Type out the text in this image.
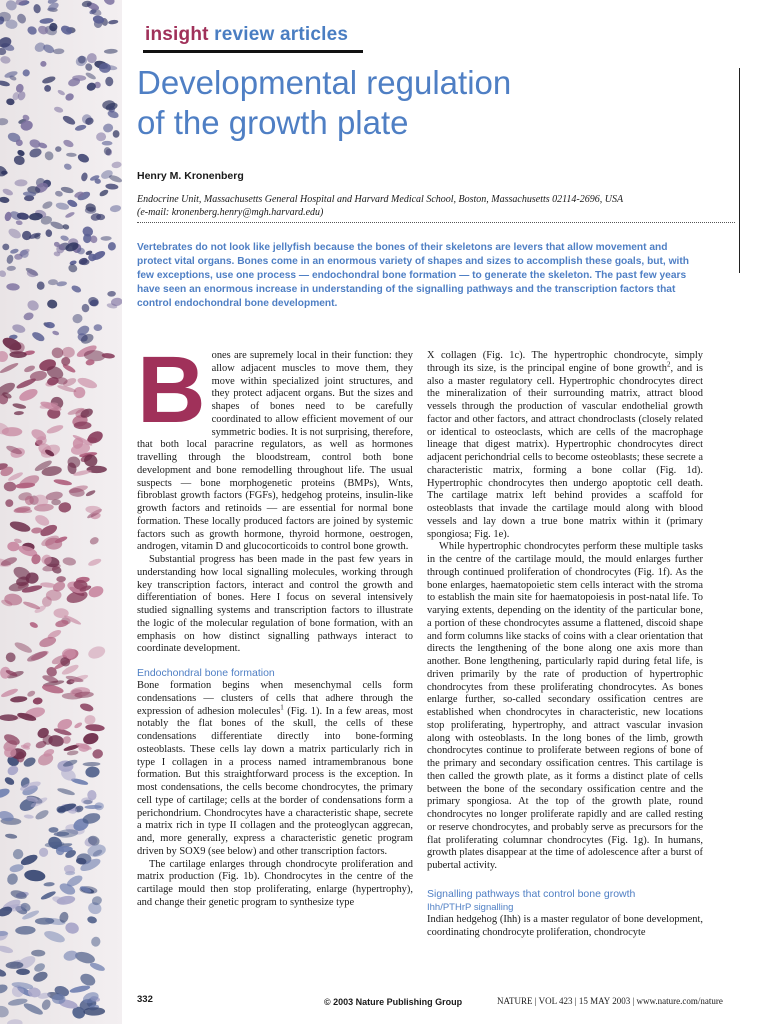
insight review articles
Developmental regulation
of the growth plate
Henry M. Kronenberg
Endocrine Unit, Massachusetts General Hospital and Harvard Medical School, Boston, Massachusetts 02114-2696, USA
(e-mail: kronenberg.henry@mgh.harvard.edu)
Vertebrates do not look like jellyfish because the bones of their skeletons are levers that allow movement and protect vital organs. Bones come in an enormous variety of shapes and sizes to accomplish these goals, but, with few exceptions, use one process — endochondral bone formation — to generate the skeleton. The past few years have seen an enormous increase in understanding of the signalling pathways and the transcription factors that control endochondral bone development.
B ones are supremely local in their function: they allow adjacent muscles to move them, they move within specialized joint structures, and they protect adjacent organs. But the sizes and shapes of bones need to be carefully coordinated to allow efficient movement of our symmetric bodies. It is not surprising, therefore, that both local paracrine regulators, as well as hormones travelling through the bloodstream, control both bone development and bone remodelling throughout life. The usual suspects — bone morphogenetic proteins (BMPs), Wnts, fibroblast growth factors (FGFs), hedgehog proteins, insulin-like growth factors and retinoids — are essential for normal bone formation. These locally produced factors are joined by systemic factors such as growth hormone, thyroid hormone, oestrogen, androgen, vitamin D and glucocorticoids to control bone growth.

Substantial progress has been made in the past few years in understanding how local signalling molecules, working through key transcription factors, interact and control the growth and differentiation of bones. Here I focus on several intensively studied signalling systems and transcription factors to illustrate the logic of the molecular regulation of bone formation, with an emphasis on how distinct signalling pathways interact to coordinate development.

Endochondral bone formation

Bone formation begins when mesenchymal cells form condensations — clusters of cells that adhere through the expression of adhesion molecules$^1$ (Fig. 1). In a few areas, most notably the flat bones of the skull, the cells of these condensations differentiate directly into bone-forming osteoblasts. These cells lay down a matrix particularly rich in type I collagen in a process named intramembranous bone formation. But this straightforward process is the exception. In most condensations, the cells become chondrocytes, the primary cell type of cartilage; cells at the border of condensations form a perichondrium. Chondrocytes have a characteristic shape, secrete a matrix rich in type II collagen and the proteoglycan aggrecan, and, more generally, express a characteristic genetic program driven by SOX9 (see below) and other transcription factors.

The cartilage enlarges through chondrocyte proliferation and matrix production (Fig. 1b). Chondrocytes in the centre of the cartilage mould then stop proliferating, enlarge (hypertrophy), and change their genetic program to synthesize type

X collagen (Fig. 1c). The hypertrophic chondrocyte, simply through its size, is the principal engine of bone growth$^2$, and is also a master regulatory cell. Hypertrophic chondrocytes direct the mineralization of their surrounding matrix, attract blood vessels through the production of vascular endothelial growth factor and other factors, and attract chondroclasts (closely related or identical to osteoclasts, which are cells of the macrophage lineage that digest matrix). Hypertrophic chondrocytes direct adjacent perichondrial cells to become osteoblasts; these secrete a characteristic matrix, forming a bone collar (Fig. 1d). Hypertrophic chondrocytes then undergo apoptotic cell death. The cartilage matrix left behind provides a scaffold for osteoblasts that invade the cartilage mould along with blood vessels and lay down a true bone matrix within it (primary spongiosa; Fig. 1e).

While hypertrophic chondrocytes perform these multiple tasks in the centre of the cartilage mould, the mould enlarges further through continued proliferation of chondrocytes (Fig. 1f). As the bone enlarges, haematopoietic stem cells interact with the stroma to establish the main site for haematopoiesis in post-natal life. To varying extents, depending on the identity of the particular bone, a portion of these chondrocytes assume a flattened, discoid shape and form columns like stacks of coins with a clear orientation that directs the lengthening of the bone along one axis more than another. Bone lengthening, particularly rapid during fetal life, is driven primarily by the rate of production of hypertrophic chondrocytes from these proliferating chondrocytes. As bones enlarge further, so-called secondary ossification centres are established when chondrocytes in characteristic, new locations stop proliferating, hypertrophy, and attract vascular invasion along with osteoblasts. In the long bones of the limb, growth chondrocytes continue to proliferate between regions of bone of the primary and secondary ossification centres. This cartilage is then called the growth plate, as it forms a distinct plate of cells between the bone of the secondary ossification centre and the primary spongiosa. At the top of the growth plate, round chondrocytes no longer proliferate rapidly and are called resting or reserve chondrocytes, and probably serve as precursors for the flat proliferating columnar chondrocytes (Fig. 1g). In humans, growth plates disappear at the time of adolescence after a burst of pubertal activity.

Signalling pathways that control bone growth
Ihh/PTHrP signalling

Indian hedgehog (Ihh) is a master regulator of bone development, coordinating chondrocyte proliferation, chondrocyte

332	© 2003 Nature Publishing Group	NATURE | VOL 423 | 15 MAY 2003 | www.nature.com/nature
